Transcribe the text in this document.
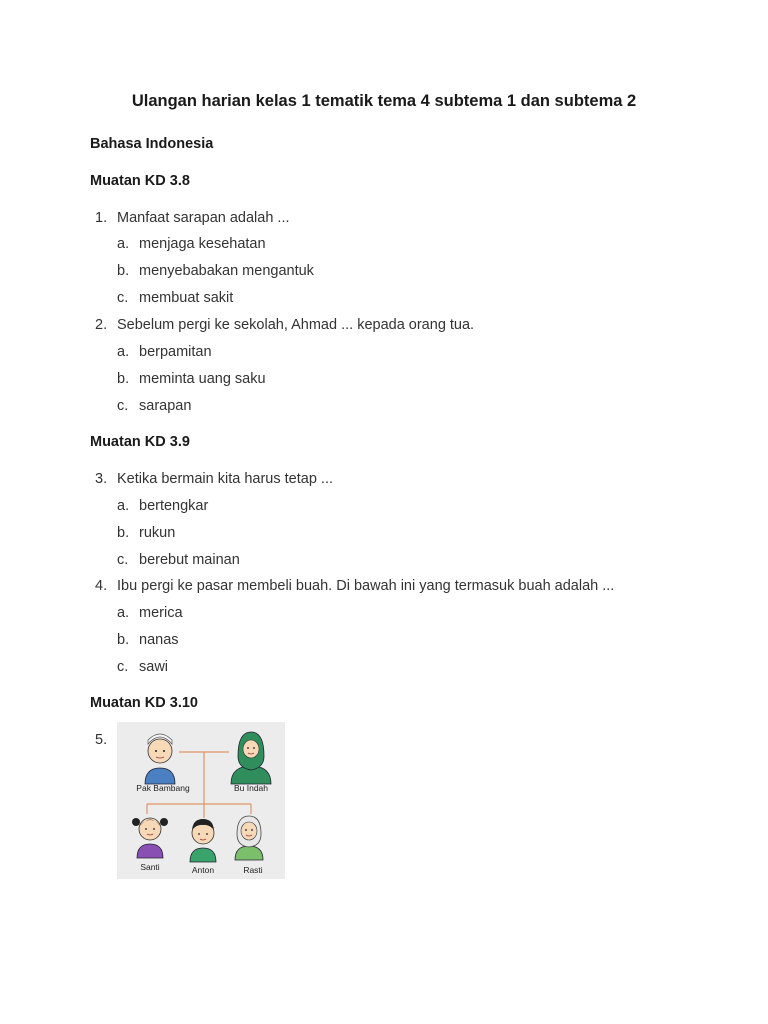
Ulangan harian kelas 1 tematik tema 4 subtema 1 dan subtema 2
Bahasa Indonesia
Muatan KD 3.8
1. Manfaat sarapan adalah ...
a. menjaga kesehatan
b. menyebabakan mengantuk
c. membuat sakit
2. Sebelum pergi ke sekolah, Ahmad ... kepada orang tua.
a. berpamitan
b. meminta uang saku
c. sarapan
Muatan KD 3.9
3. Ketika bermain kita harus tetap ...
a. bertengkar
b. rukun
c. berebut mainan
4. Ibu pergi ke pasar membeli buah. Di bawah ini yang termasuk buah adalah ...
a. merica
b. nanas
c. sawi
Muatan KD 3.10
5.
Pak Bambang	Bu Indah
Santi	Anton	Rasti
